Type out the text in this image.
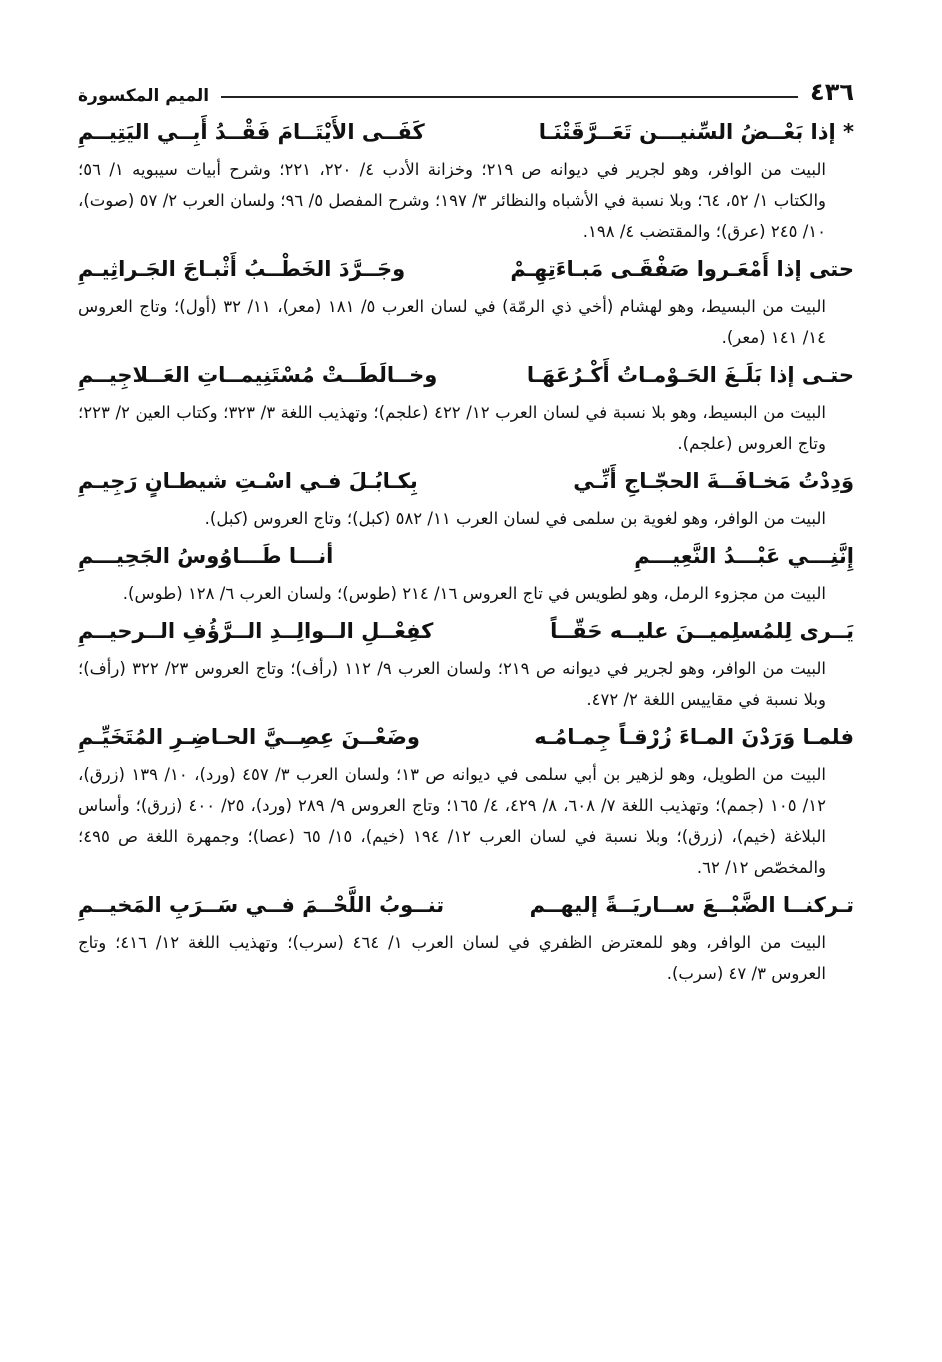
٤٣٦
الميم المكسورة
* إذا بَعْــضُ السِّنيـــن تَعَــرَّقَتْنَـا
كَفَــى الأَيْتَــامَ فَقْــدُ أَبِــي اليَتِيــمِ

البيت من الوافر، وهو لجرير في ديوانه ص ٢١٩؛ وخزانة الأدب ٤/ ٢٢٠، ٢٢١؛ وشرح أبيات سيبويه ١/ ٥٦؛ والكتاب ١/ ٥٢، ٦٤؛ وبلا نسبة في الأشباه والنظائر ٣/ ١٩٧؛ وشرح المفصل ٥/ ٩٦؛ ولسان العرب ٢/ ٥٧ (صوت)، ١٠/ ٢٤٥ (عرق)؛ والمقتضب ٤/ ١٩٨.

حتى إذا أَمْعَـروا صَفْقَـى مَبـاءَتِهِـمْ
وجَــرَّدَ الخَطْــبُ أَثْبـاجَ الجَـراثِيـمِ

البيت من البسيط، وهو لهشام (أخي ذي الرمّة) في لسان العرب ٥/ ١٨١ (معر)، ١١/ ٣٢ (أول)؛ وتاج العروس ١٤/ ١٤١ (معر).

حتـى إذا بَلَـغَ الحَـوْمـاتُ أَكْـرُعَهَـا
وخــالَطَــتْ مُسْتَنِيمــاتِ العَــلاجِيــمِ

البيت من البسيط، وهو بلا نسبة في لسان العرب ١٢/ ٤٢٢ (علجم)؛ وتهذيب اللغة ٣/ ٣٢٣؛ وكتاب العين ٢/ ٢٢٣؛ وتاج العروس (علجم).

وَدِدْتُ مَخـافَــةَ الحجّـاجِ أَنِّـي
بِكـابُـلَ فـي اسْـتِ شيطـانٍ رَجِيـمِ

البيت من الوافر، وهو لغوية بن سلمى في لسان العرب ١١/ ٥٨٢ (كبل)؛ وتاج العروس (كبل).

إِنَّنِـــي عَبْـــدُ النَّعِيـــمِ
أنـــا طَـــاوُوسُ الجَحِيـــمِ

البيت من مجزوء الرمل، وهو لطويس في تاج العروس ١٦/ ٢١٤ (طوس)؛ ولسان العرب ٦/ ١٢٨ (طوس).

يَــرى لِلمُسلِميــنَ عليــه حَقّــاً
كفِعْــلِ الــوالِــدِ الــرَّؤُفِ الــرحيــمِ

البيت من الوافر، وهو لجرير في ديوانه ص ٢١٩؛ ولسان العرب ٩/ ١١٢ (رأف)؛ وتاج العروس ٢٣/ ٣٢٢ (رأف)؛ وبلا نسبة في مقاييس اللغة ٢/ ٤٧٢.

فلمـا وَرَدْنَ المـاءَ زُرْقـاً جِمـامُـه
وضَعْــنَ عِصِــيَّ الحـاضِـرِ المُتَخَيِّـمِ

البيت من الطويل، وهو لزهير بن أبي سلمى في ديوانه ص ١٣؛ ولسان العرب ٣/ ٤٥٧ (ورد)، ١٠/ ١٣٩ (زرق)، ١٢/ ١٠٥ (جمم)؛ وتهذيب اللغة ٧/ ٦٠٨، ٨/ ٤٢٩، ٤/ ١٦٥؛ وتاج العروس ٩/ ٢٨٩ (ورد)، ٢٥/ ٤٠٠ (زرق)؛ وأساس البلاغة (خيم)، (زرق)؛ وبلا نسبة في لسان العرب ١٢/ ١٩٤ (خيم)، ١٥/ ٦٥ (عصا)؛ وجمهرة اللغة ص ٤٩٥؛ والمخصّص ١٢/ ٦٢.

تـركنــا الضَّبْــعَ ســاريَــةً إليهــم
تنــوبُ اللَّحْــمَ فــي سَــرَبِ المَخيــمِ

البيت من الوافر، وهو للمعترض الظفري في لسان العرب ١/ ٤٦٤ (سرب)؛ وتهذيب اللغة ١٢/ ٤١٦؛ وتاج العروس ٣/ ٤٧ (سرب).
